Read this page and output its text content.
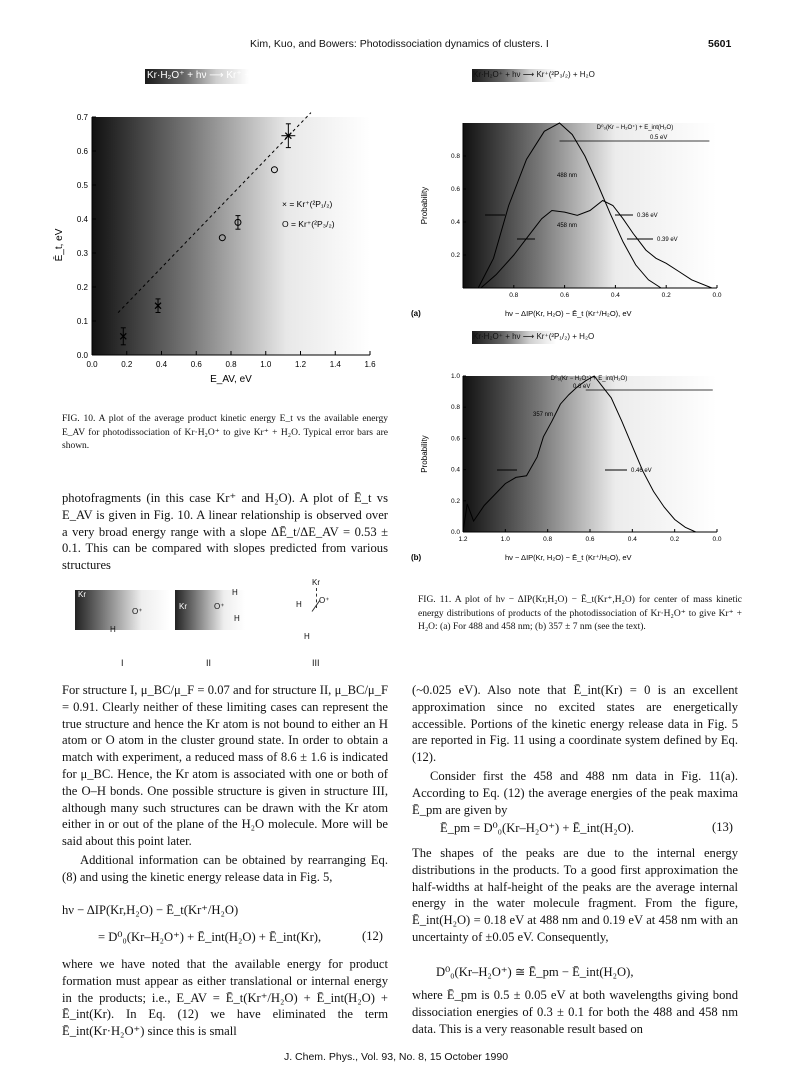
Kim, Kuo, and Bowers: Photodissociation dynamics of clusters. I	5601
Kr·H₂O⁺ + hν ⟶ Kr⁺ + H₂O
0.0	0.2	0.4	0.6	0.8	1.0	1.2	1.4	1.6
0.0
0.1
0.2
0.3
0.4
0.5
0.6
0.7
× = Kr⁺(²P₁/₂)
O = Kr⁺(²P₃/₂)
Ē_t, eV
E_AV, eV
FIG. 10. A plot of the average product kinetic energy E_t vs the available energy E_AV for photodissociation of Kr·H₂O⁺ to give Kr⁺ + H₂O. Typical error bars are shown.
Kr·H₂O⁺ + hν ⟶ Kr⁺(²P₃/₂) + H₂O
0.8	0.6	0.4	0.2	0.0
0.2
0.4
0.6
0.8
Probability
hν − ΔIP(Kr, H₂O) − Ē_t (Kr⁺/H₂O), eV
(a)
D⁰₀(Kr − H₂O⁺) + E_int(H₂O)
0.5 eV
488 nm
458 nm
0.36 eV
0.39 eV
Kr·H₂O⁺ + hν ⟶ Kr⁺(²P₁/₂) + H₂O
1.2	1.0	0.8	0.6	0.4	0.2	0.0
0.0
0.2
0.4
0.6
0.8
1.0
Probability
hν − ΔIP(Kr, H₂O) − Ē_t (Kr⁺/H₂O), eV
(b)
D⁰₀(Kr − H₂O⁺) + E_int(H₂O)
0.6 eV
357 nm
0.46 eV
FIG. 11. A plot of hν − ΔIP(Kr,H₂O) − Ē_t(Kr⁺,H₂O) for center of mass kinetic energy distributions of products of the photodissociation of Kr·H₂O⁺ to give Kr⁺ + H₂O: (a) For 488 and 458 nm; (b) 357 ± 7 nm (see the text).

photofragments (in this case Kr⁺ and H₂O). A plot of Ē_t vs E_AV is given in Fig. 10. A linear relationship is observed over a very broad energy range with a slope ΔĒ_t/ΔE_AV = 0.53 ± 0.1. This can be compared with slopes predicted from various structures

Kr
O⁺
H
Kr	O⁺
H
H
Kr
H O⁺
H
I	II	III

For structure I, μ_BC/μ_F = 0.07 and for structure II, μ_BC/μ_F = 0.91. Clearly neither of these limiting cases can represent the true structure and hence the Kr atom is not bound to either an H atom or O atom in the cluster ground state. In order to obtain a match with experiment, a reduced mass of 8.6 ± 1.6 is indicated for μ_BC. Hence, the Kr atom is associated with one or both of the O–H bonds. One possible structure is given in structure III, although many such structures can be drawn with the Kr atom either in or out of the plane of the H₂O molecule. More will be said about this point later.

Additional information can be obtained by rearranging Eq. (8) and using the kinetic energy release data in Fig. 5,

hν − ΔIP(Kr,H₂O) − Ē_t(Kr⁺/H₂O)
= D⁰₀(Kr–H₂O⁺) + Ē_int(H₂O) + Ē_int(Kr),	(12)

where we have noted that the available energy for product formation must appear as either translational or internal energy in the products; i.e., E_AV = Ē_t(Kr⁺/H₂O) + Ē_int(H₂O) + Ē_int(Kr). In Eq. (12) we have eliminated the term Ē_int(Kr·H₂O⁺) since this is small

(~0.025 eV). Also note that Ē_int(Kr) = 0 is an excellent approximation since no excited states are energetically accessible. Portions of the kinetic energy release data in Fig. 5 are reported in Fig. 11 using a coordinate system defined by Eq. (12).

Consider first the 458 and 488 nm data in Fig. 11(a). According to Eq. (12) the average energies of the peak maxima Ē_pm are given by

Ē_pm = D⁰₀(Kr–H₂O⁺) + Ē_int(H₂O).	(13)

The shapes of the peaks are due to the internal energy distributions in the products. To a good first approximation the half-widths at half-height of the peaks are the average internal energy in the water molecule fragment. From the figure, Ē_int(H₂O) = 0.18 eV at 488 nm and 0.19 eV at 458 nm with an uncertainty of ±0.05 eV. Consequently,

D⁰₀(Kr–H₂O⁺) ≅ Ē_pm − Ē_int(H₂O),

where Ē_pm is 0.5 ± 0.05 eV at both wavelengths giving bond dissociation energies of 0.3 ± 0.1 for both the 488 and 458 nm data. This is a very reasonable result based on

J. Chem. Phys., Vol. 93, No. 8, 15 October 1990
